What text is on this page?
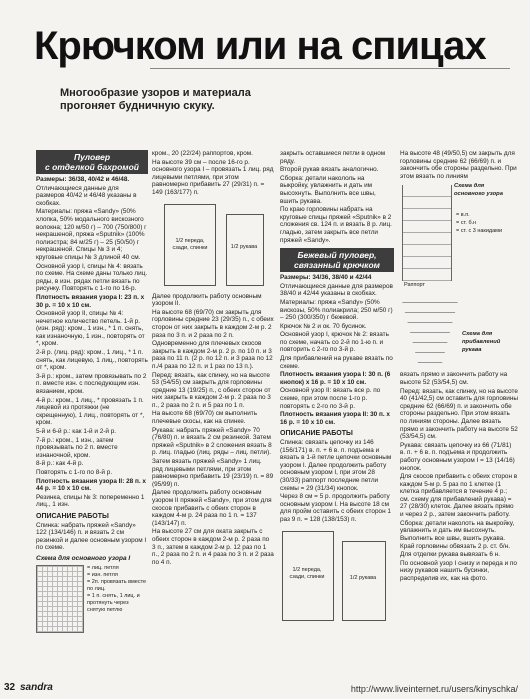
Крючком или на спицах
Многообразие узоров и материала прогоняет будничную скуку.
Пуловер
с отделкой бахромой

Размеры: 36/38, 40/42 и 46/48.

Отличающиеся данные для размеров 40/42 и 46/48 указаны в скобках.

Материалы: пряжа «Sandy» (50% хлопка, 50% модального вискозного волокна; 120 м/50 г) – 700 (750/800) г некрашеной, пряжа «Sputnik» (100% полиэстра; 84 м/25 г) – 25 (50/50) г некрашеной. Спицы № 3 и 4; круговые спицы № 3 длиной 40 см.

Основной узор I, спицы № 4: вязать по схеме. На схеме даны только лиц. ряды, в изн. рядах петли вязать по рисунку. Повторять с 1-го по 16-р.

Плотность вязания узора I: 23 п. x 30 р. = 10 x 10 см.

Основной узор II, спицы № 4: нечетное количество петель. 1-й р. (изн. ряд): кром., 1 изн., * 1 п. снять, как изнаночную, 1 изн., повторять от *, кром.

2-й р. (лиц. ряд): кром., 1 лиц., * 1 п. снять, как лицевую, 1 лиц., повторять от *, кром.

3-й р.: кром., затем провязывать по 2 п. вместе изн. с последующим изн. вязанием, кром.

4-й р.: кром., 1 лиц., * провязать 1 п. лицевой из протяжки (не скрещенную), 1 лиц., повторять от *, кром.

5-й и 6-й р.: как 1-й и 2-й р.

7-й р.: кром., 1 изн., затем провязывать по 2 п. вместе изнаночной, кром.

8-й р.: как 4-й р.

Повторять с 1-го по 8-й р.

Плотность вязания узора II: 28 п. x 44 р. = 10 x 10 см.

Резинка, спицы № 3: попеременно 1 лиц., 1 изн.

ОПИСАНИЕ РАБОТЫ

Спинка: набрать пряжей «Sandy» 122 (134/146) п. и вязать 2 см резинкой и далее основным узором I по схеме.

Схема для основного узора I
= лиц. петля
= изн. петля
= 2п. провязать вместе по лиц.
= 1 п. снять, 1 лиц. и протянуть через снятую петлю

кром., 20 (22/24) раппортов, кром.

На высоте 39 см – после 16-го р. основного узора I – провязать 1 лиц. ряд лицевыми петлями, при этом равномерно прибавить 27 (29/31) п. = 149 (163/177) п.

1/2 переда, сзади, спинки	1/2 рукава

Далее продолжить работу основным узором II.

На высоте 68 (69/70) см закрыть для горловины средние 23 (29/35) п., с обеих сторон от них закрыть в каждом 2-м р. 2 раза по 3 п. и 2 раза по 2 п.

Одновременно для плечевых скосов закрыть в каждом 2-м р. 2 р. по 10 п. и 3 раза по 11 п. (2 р. по 12 п. и 3 раза по 12 п./4 раза по 12 п. и 1 раз по 13 п.).

Перед: вязать, как спинку, но на высоте 53 (54/55) см закрыть для горловины средние 13 (19/25) п., с обеих сторон от них закрыть в каждом 2-м р. 2 раза по 3 п., 2 раза по 2 п. и 5 раз по 1 п.

На высоте 68 (69/70) см выполнить плечевые скосы, как на спинке.

Рукава: набрать пряжей «Sandy» 70 (76/80) п. и вязать 2 см резинкой. Затем пряжей «Sputnik» в 2 сложения вязать 8 р. лиц. гладью (лиц. ряды – лиц. петли).

Затем вязать пряжей «Sandy» 1 лиц. ряд лицевыми петлями, при этом равномерно прибавить 19 (23/19) п. = 89 (95/99) п.

Далее продолжить работу основным узором II пряжей «Sandy», при этом для скосов прибавить с обеих сторон в каждом 4-м р. 24 раза по 1 п. = 137 (143/147) п.

На высоте 27 см для оката закрыть с обеих сторон в каждом 2-м р. 2 раза по 3 п., затем в каждом 2-м р. 12 раз по 1 п., 2 раза по 2 п. и 4 раза по 3 п. и 2 раза по 4 п.

закрыть оставшиеся петли в одном ряду.

Второй рукав вязать аналогично.

Сборка: детали накололь на выкройку, увлажнить и дать им высохнуть. Выполнить все швы, вшить рукава.

По краю горловины набрать на круговые спицы пряжей «Sputnik» в 2 сложения св. 124 п. и вязать 8 р. лиц. гладью, затем закрыть все петли пряжей «Sandy».

Бежевый пуловер,
связанный крючком

Размеры: 34/36, 38/40 и 42/44

Отличающиеся данные для размеров 38/40 и 42/44 указаны в скобках.

Материалы: пряжа «Sandy» (50% вискозы, 50% полиакрила; 250 м/50 г) – 250 (300/350) г бежевой.

Крючок № 2 и ок. 70 бусинок.

Основной узор I, крючок № 2: вязать по схеме, начать со 2-й по 1-ю п. и повторить с 2-го по 3-й р.

Для прибавлений на рукаве вязать по схеме.

Плотность вязания узора I: 30 п. (6 кнопок) x 16 р. = 10 x 10 см.

Основной узор II: вязать все р. по схеме, при этом после 1-го р. повторять с 2-го по 3-й р.

Плотность вязания узора II: 30 п. x 16 р. = 10 x 10 см.

ОПИСАНИЕ РАБОТЫ

Спинка: связать цепочку из 146 (156/171) в. п. + 6 в. п. подъема и вязать в 1-й петле цепочки основным узором I. Далее продолжить работу основным узором I, при этом 28 (30/33) раппорт последние петли схемы = 29 (31/34) кнопок.

Через 8 см = 5 р. продолжить работу основным узором I. На высоте 18 см для пройм оставить с обеих сторон 1 раз 9 п. = 128 (138/153) п.

1/2 переда, сзади, спинки	1/2 рукава

На высоте 48 (49/50,5) см закрыть для горловины средние 62 (66/69) п. и закончить обе стороны раздельно. При этом вязать по линиям

Схема для основного узора
= в.п.
= ст. б.н
= ст. с 3 накидами
Раппорт
Схема для прибавлений рукава

вязать прямо и закончить работу на высоте 52 (53/54,5) см.

Перед: вязать, как спинку, но на высоте 40 (41/42,5) см оставить для горловины средние 62 (66/69) п. и закончить обе стороны раздельно. При этом вязать по линиям стороны. Далее вязать прямо и закончить работу на высоте 52 (53/54,5) см.

Рукава: связать цепочку из 66 (71/81) в. п. + 6 в. п. подъема и продолжить работу основным узором I = 13 (14/16) кнопок.

Для скосов прибавить с обеих сторон в каждом 5-м р. 5 раз по 1 клетке (1 клетка прибавляется в течение 4 р.; см. схему для прибавлений рукава) = 27 (28/30) клеток. Далее вязать прямо и через 2 р., затем закончить работу.

Сборка: детали наколоть на выкройку, увлажнить и дать им высохнуть. Выполнить все швы, вшить рукава.

Край горловины обвязать 2 р. ст. б/н. Для отделки рукава вывязать 6 н.

По основной узор I снизу и переда и по низу рукавов нашить бусинки, распределив их, как на фото.

32 sandra	http://www.liveinternet.ru/users/kinyschka/
